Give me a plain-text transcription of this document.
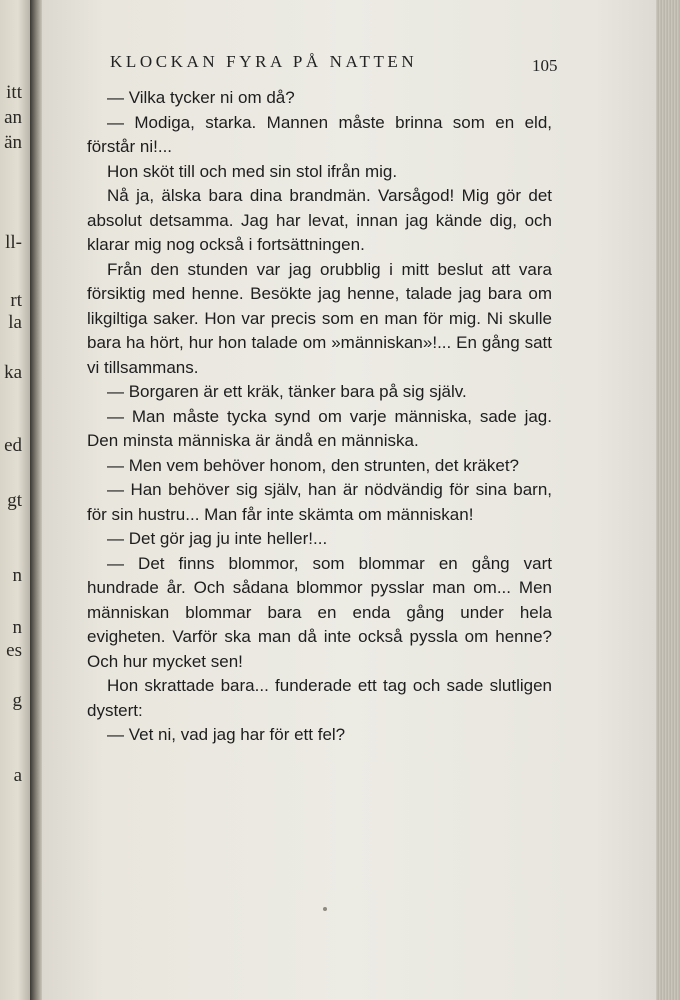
itt
an
än
ll-
rt
la
ka
ed
gt
n
n
es
g
a
KLOCKAN FYRA PÅ NATTEN	105

— Vilka tycker ni om då?

— Modiga, starka. Mannen måste brinna som en eld, förstår ni!...

Hon sköt till och med sin stol ifrån mig.

Nå ja, älska bara dina brandmän. Varsågod! Mig gör det absolut detsamma. Jag har levat, innan jag kände dig, och klarar mig nog också i fortsättningen.

Från den stunden var jag orubblig i mitt beslut att vara försiktig med henne. Besökte jag henne, talade jag bara om likgiltiga saker. Hon var precis som en man för mig. Ni skulle bara ha hört, hur hon talade om »människan»!... En gång satt vi tillsammans.

— Borgaren är ett kräk, tänker bara på sig själv.

— Man måste tycka synd om varje människa, sade jag. Den minsta människa är ändå en människa.

— Men vem behöver honom, den strunten, det kräket?

— Han behöver sig själv, han är nödvändig för sina barn, för sin hustru... Man får inte skämta om människan!

— Det gör jag ju inte heller!...

— Det finns blommor, som blommar en gång vart hundrade år. Och sådana blommor pysslar man om... Men människan blommar bara en enda gång under hela evigheten. Varför ska man då inte också pyssla om henne? Och hur mycket sen!

Hon skrattade bara... funderade ett tag och sade slutligen dystert:

— Vet ni, vad jag har för ett fel?
